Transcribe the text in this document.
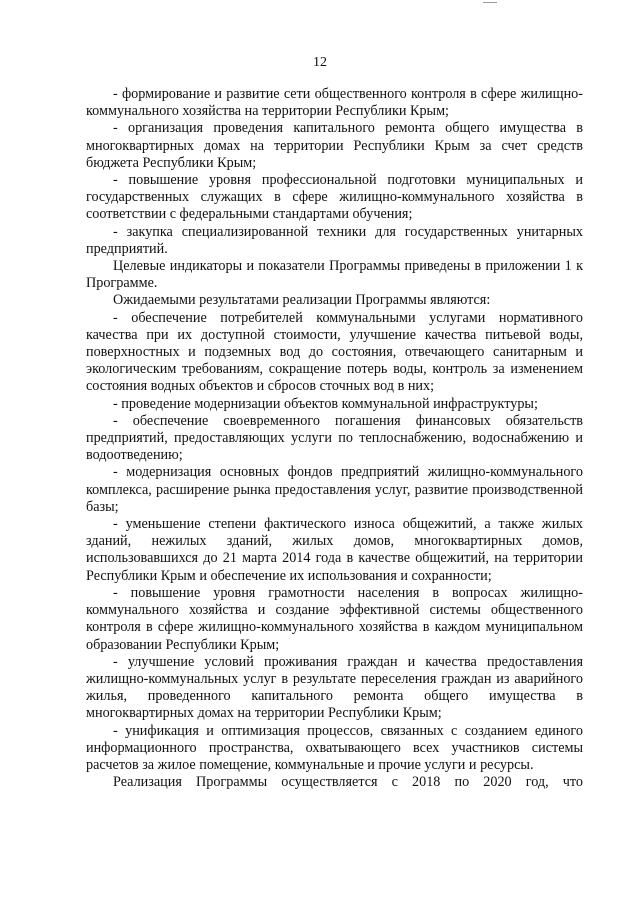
12

- формирование и развитие сети общественного контроля в сфере жилищно-коммунального хозяйства на территории Республики Крым;

- организация проведения капитального ремонта общего имущества в многоквартирных домах на территории Республики Крым за счет средств бюджета Республики Крым;

- повышение уровня профессиональной подготовки муниципальных и государственных служащих в сфере жилищно-коммунального хозяйства в соответствии с федеральными стандартами обучения;

- закупка специализированной техники для государственных унитарных предприятий.

Целевые индикаторы и показатели Программы приведены в приложении 1 к Программе.

Ожидаемыми результатами реализации Программы являются:

- обеспечение потребителей коммунальными услугами нормативного качества при их доступной стоимости, улучшение качества питьевой воды, поверхностных и подземных вод до состояния, отвечающего санитарным и экологическим требованиям, сокращение потерь воды, контроль за изменением состояния водных объектов и сбросов сточных вод в них;

- проведение модернизации объектов коммунальной инфраструктуры;

- обеспечение своевременного погашения финансовых обязательств предприятий, предоставляющих услуги по теплоснабжению, водоснабжению и водоотведению;

- модернизация основных фондов предприятий жилищно-коммунального комплекса, расширение рынка предоставления услуг, развитие производственной базы;

- уменьшение степени фактического износа общежитий, а также жилых зданий, нежилых зданий, жилых домов, многоквартирных домов, использовавшихся до 21 марта 2014 года в качестве общежитий, на территории Республики Крым и обеспечение их использования и сохранности;

- повышение уровня грамотности населения в вопросах жилищно-коммунального хозяйства и создание эффективной системы общественного контроля в сфере жилищно-коммунального хозяйства в каждом муниципальном образовании Республики Крым;

- улучшение условий проживания граждан и качества предоставления жилищно-коммунальных услуг в результате переселения граждан из аварийного жилья, проведенного капитального ремонта общего имущества в многоквартирных домах на территории Республики Крым;

- унификация и оптимизация процессов, связанных с созданием единого информационного пространства, охватывающего всех участников системы расчетов за жилое помещение, коммунальные и прочие услуги и ресурсы.

Реализация Программы осуществляется с 2018 по 2020 год, что
